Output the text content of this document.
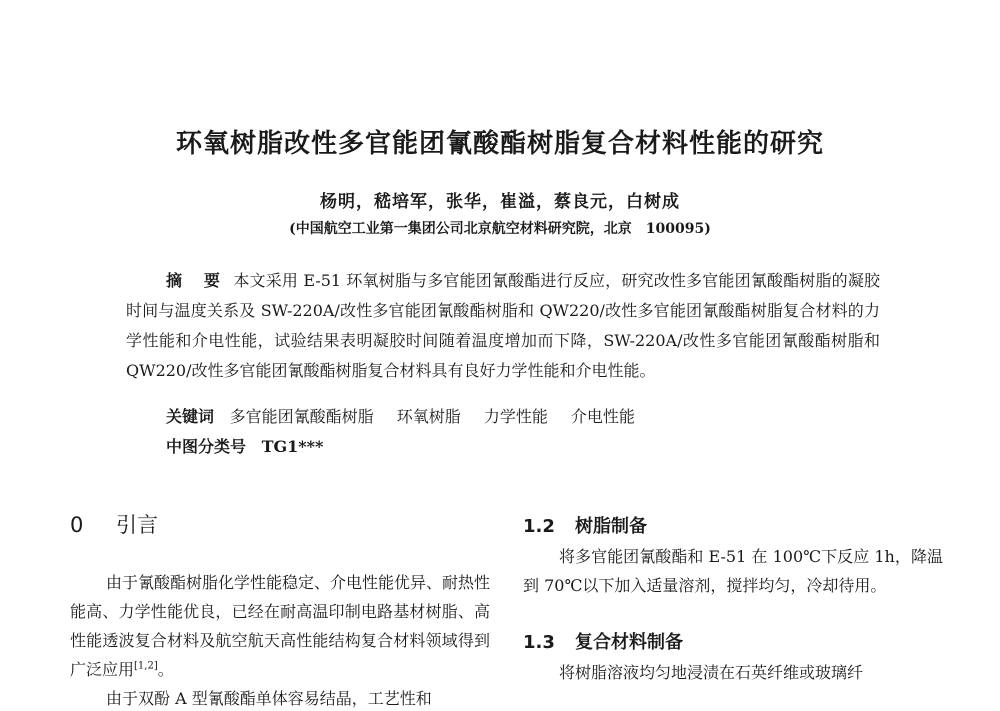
环氧树脂改性多官能团氰酸酯树脂复合材料性能的研究
杨明，嵇培军，张华，崔溢，蔡良元，白树成
(中国航空工业第一集团公司北京航空材料研究院，北京　100095)
摘 要 本文采用 E-51 环氧树脂与多官能团氰酸酯进行反应，研究改性多官能团氰酸酯树脂的凝胶时间与温度关系及 SW-220A/改性多官能团氰酸酯树脂和 QW220/改性多官能团氰酸酯树脂复合材料的力学性能和介电性能，试验结果表明凝胶时间随着温度增加而下降，SW-220A/改性多官能团氰酸酯树脂和 QW220/改性多官能团氰酸酯树脂复合材料具有良好力学性能和介电性能。
关键词 多官能团氰酸酯树脂 环氧树脂 力学性能 介电性能
中图分类号 TG1***
0 引言

由于氰酸酯树脂化学性能稳定、介电性能优异、耐热性能高、力学性能优良，已经在耐高温印制电路基材树脂、高性能透波复合材料及航空航天高性能结构复合材料领域得到广泛应用[1,2]。

由于双酚 A 型氰酸酯单体容易结晶，工艺性和

1.2 树脂制备

将多官能团氰酸酯和 E-51 在 100℃下反应 1h，降温到 70℃以下加入适量溶剂，搅拌均匀，冷却待用。

1.3 复合材料制备

将树脂溶液均匀地浸渍在石英纤维或玻璃纤
